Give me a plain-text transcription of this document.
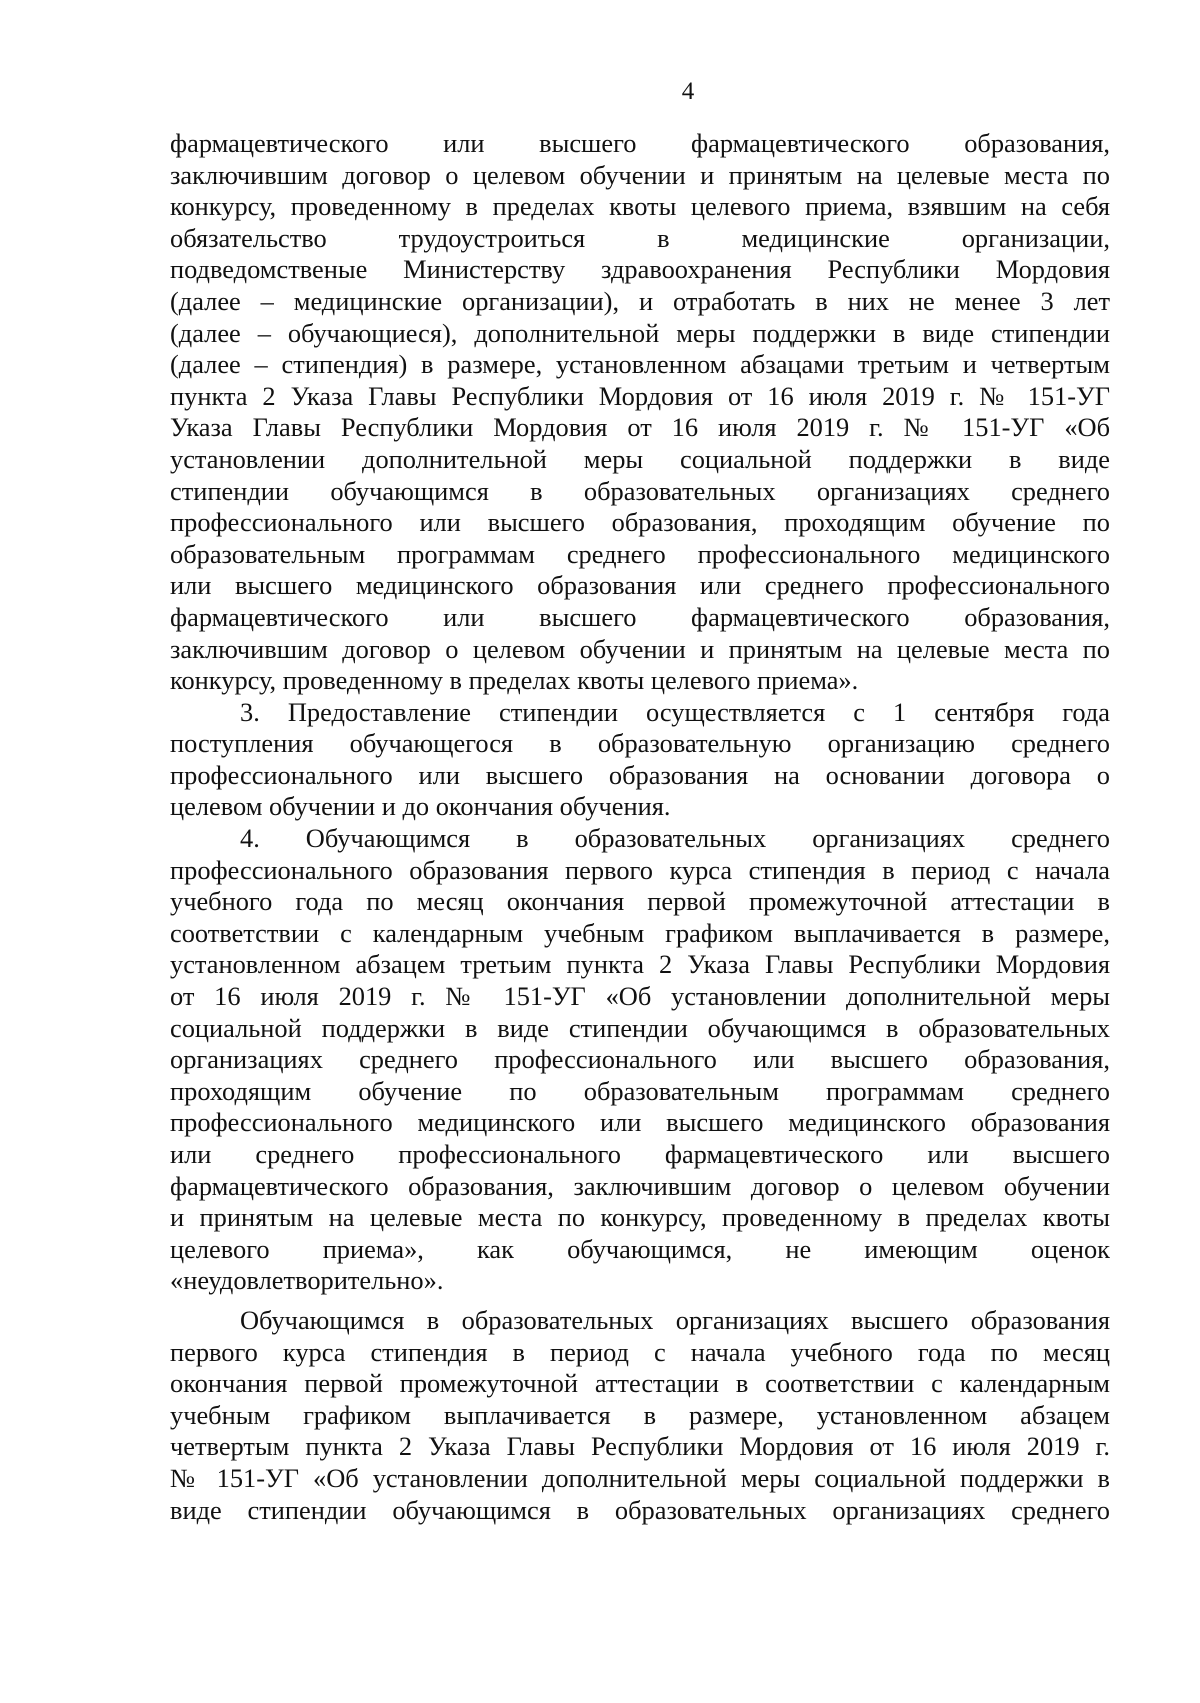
4
фармацевтического или высшего фармацевтического образования,
заключившим договор о целевом обучении и принятым на целевые места по
конкурсу, проведенному в пределах квоты целевого приема, взявшим на себя
обязательство трудоустроиться в медицинские организации,
подведомственые Министерству здравоохранения Республики Мордовия
(далее – медицинские организации), и отработать в них не менее 3 лет
(далее – обучающиеся), дополнительной меры поддержки в виде стипендии
(далее – стипендия) в размере, установленном абзацами третьим и четвертым
пункта 2 Указа Главы Республики Мордовия от 16 июля 2019 г. № 151-УГ
Указа Главы Республики Мордовия от 16 июля 2019 г. № 151-УГ «Об
установлении дополнительной меры социальной поддержки в виде
стипендии обучающимся в образовательных организациях среднего
профессионального или высшего образования, проходящим обучение по
образовательным программам среднего профессионального медицинского
или высшего медицинского образования или среднего профессионального
фармацевтического или высшего фармацевтического образования,
заключившим договор о целевом обучении и принятым на целевые места по
конкурсу, проведенному в пределах квоты целевого приема».
3. Предоставление стипендии осуществляется с 1 сентября года
поступления обучающегося в образовательную организацию среднего
профессионального или высшего образования на основании договора о
целевом обучении и до окончания обучения.
4. Обучающимся в образовательных организациях среднего
профессионального образования первого курса стипендия в период с начала
учебного года по месяц окончания первой промежуточной аттестации в
соответствии с календарным учебным графиком выплачивается в размере,
установленном абзацем третьим пункта 2 Указа Главы Республики Мордовия
от 16 июля 2019 г. № 151-УГ «Об установлении дополнительной меры
социальной поддержки в виде стипендии обучающимся в образовательных
организациях среднего профессионального или высшего образования,
проходящим обучение по образовательным программам среднего
профессионального медицинского или высшего медицинского образования
или среднего профессионального фармацевтического или высшего
фармацевтического образования, заключившим договор о целевом обучении
и принятым на целевые места по конкурсу, проведенному в пределах квоты
целевого приема», как обучающимся, не имеющим оценок
«неудовлетворительно».
Обучающимся в образовательных организациях высшего образования
первого курса стипендия в период с начала учебного года по месяц
окончания первой промежуточной аттестации в соответствии с календарным
учебным графиком выплачивается в размере, установленном абзацем
четвертым пункта 2 Указа Главы Республики Мордовия от 16 июля 2019 г.
№ 151-УГ «Об установлении дополнительной меры социальной поддержки в
виде стипендии обучающимся в образовательных организациях среднего
